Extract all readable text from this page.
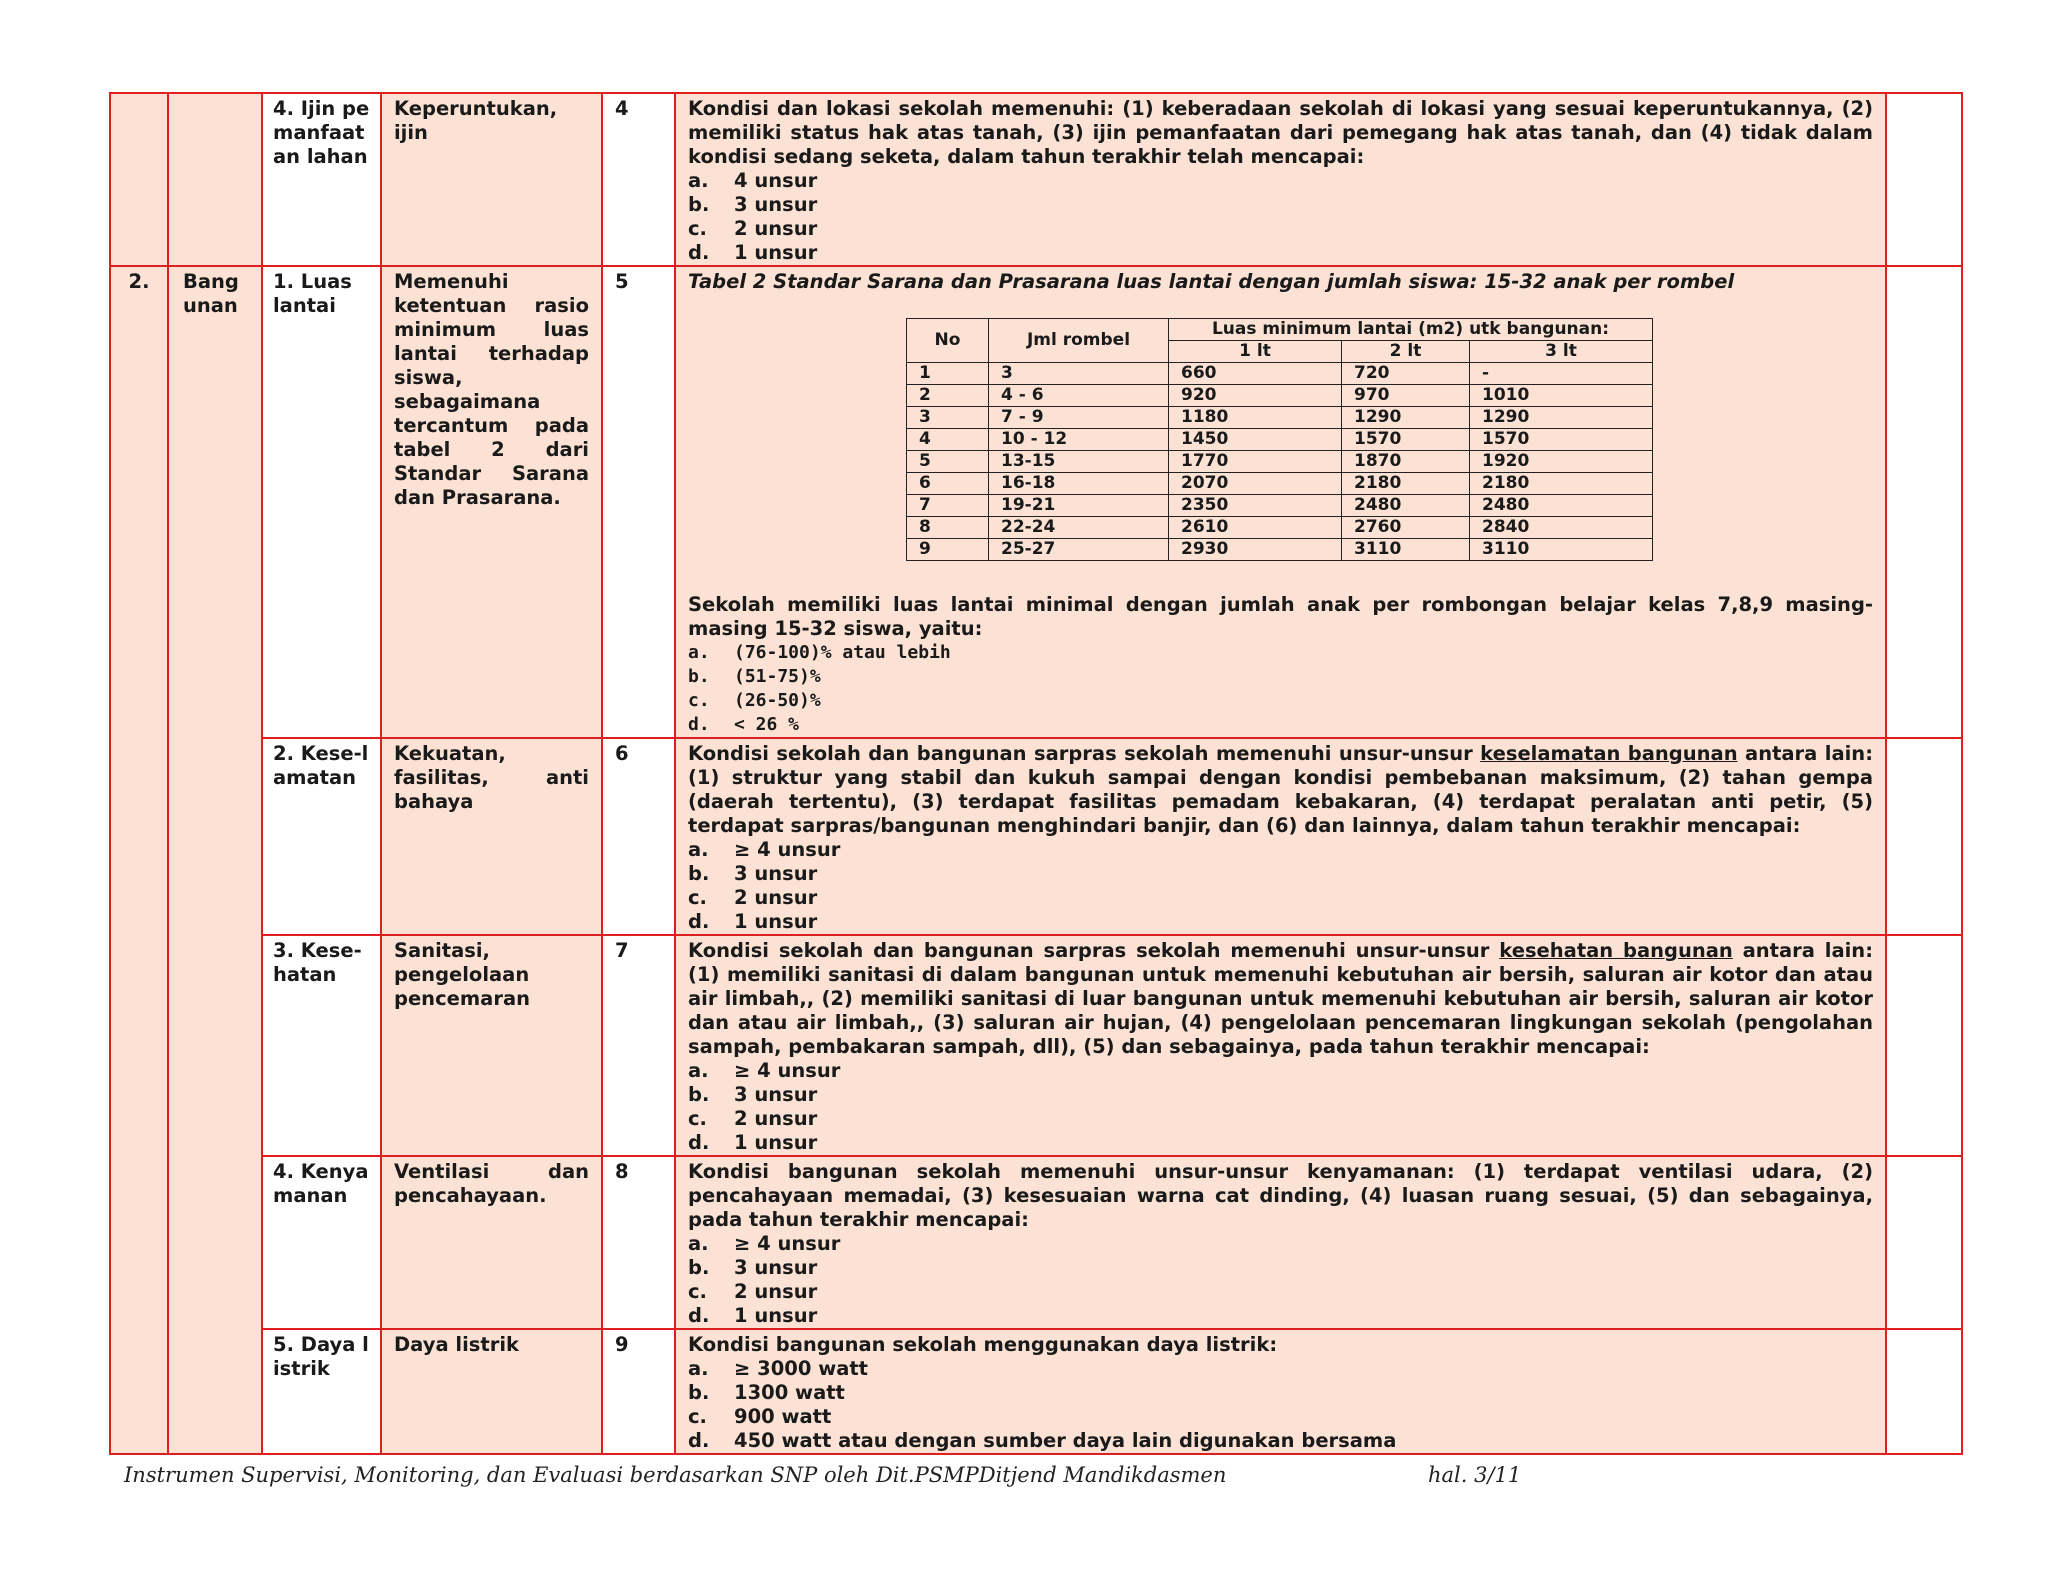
		4. Ijin pemanfaatan lahan	Keperuntukan, ijin	4	Kondisi dan lokasi sekolah memenuhi: (1) keberadaan sekolah di lokasi yang sesuai keperuntukannya, (2) memiliki status hak atas tanah, (3) ijin pemanfaatan dari pemegang hak atas tanah, dan (4) tidak dalam kondisi sedang seketa, dalam tahun terakhir telah mencapai:
a.	4 unsur
b.	3 unsur
c.	2 unsur
d.	1 unsur

2.	Bangunan	1. Luas lantai	Memenuhi ketentuan rasio minimum luas lantai terhadap siswa, sebagaimana tercantum pada tabel 2 dari Standar Sarana dan Prasarana.	5	Tabel 2 Standar Sarana dan Prasarana luas lantai dengan jumlah siswa: 15-32 anak per rombel
No	Jml rombel	Luas minimum lantai (m2) utk bangunan:
1 lt	2 lt	3 lt
1	3	660	720	-
2	4 - 6	920	970	1010
3	7 - 9	1180	1290	1290
4	10 - 12	1450	1570	1570
5	13-15	1770	1870	1920
6	16-18	2070	2180	2180
7	19-21	2350	2480	2480
8	22-24	2610	2760	2840
9	25-27	2930	3110	3110
Sekolah memiliki luas lantai minimal dengan jumlah anak per rombongan belajar kelas 7,8,9 masing-masing 15-32 siswa, yaitu:
a.	(76-100)% atau lebih
b.	(51-75)%
c.	(26-50)%
d.	< 26 %

2. Kese-lamatan	Kekuatan, fasilitas, anti bahaya	6	Kondisi sekolah dan bangunan sarpras sekolah memenuhi unsur-unsur keselamatan bangunan antara lain: (1) struktur yang stabil dan kukuh sampai dengan kondisi pembebanan maksimum, (2) tahan gempa (daerah tertentu), (3) terdapat fasilitas pemadam kebakaran, (4) terdapat peralatan anti petir, (5) terdapat sarpras/bangunan menghindari banjir, dan (6) dan lainnya, dalam tahun terakhir mencapai:
a.	≥ 4 unsur
b.	3 unsur
c.	2 unsur
d.	1 unsur

3. Kese-hatan	Sanitasi, pengelolaan pencemaran	7	Kondisi sekolah dan bangunan sarpras sekolah memenuhi unsur-unsur kesehatan bangunan antara lain: (1) memiliki sanitasi di dalam bangunan untuk memenuhi kebutuhan air bersih, saluran air kotor dan atau air limbah,, (2) memiliki sanitasi di luar bangunan untuk memenuhi kebutuhan air bersih, saluran air kotor dan atau air limbah,, (3) saluran air hujan, (4) pengelolaan pencemaran lingkungan sekolah (pengolahan sampah, pembakaran sampah, dll), (5) dan sebagainya, pada tahun terakhir mencapai:
a.	≥ 4 unsur
b.	3 unsur
c.	2 unsur
d.	1 unsur

4. Kenyamanan	Ventilasi dan pencahayaan.	8	Kondisi bangunan sekolah memenuhi unsur-unsur kenyamanan: (1) terdapat ventilasi udara, (2) pencahayaan memadai, (3) kesesuaian warna cat dinding, (4) luasan ruang sesuai, (5) dan sebagainya, pada tahun terakhir mencapai:
a.	≥ 4 unsur
b.	3 unsur
c.	2 unsur
d.	1 unsur

5. Daya listrik	Daya listrik	9	Kondisi bangunan sekolah menggunakan daya listrik:
a.	≥ 3000 watt
b.	1300 watt
c.	900 watt
d.	450 watt atau dengan sumber daya lain digunakan bersama

Instrumen Supervisi, Monitoring, dan Evaluasi berdasarkan SNP oleh Dit.PSMPDitjend Mandikdasmen	hal. 3/11
